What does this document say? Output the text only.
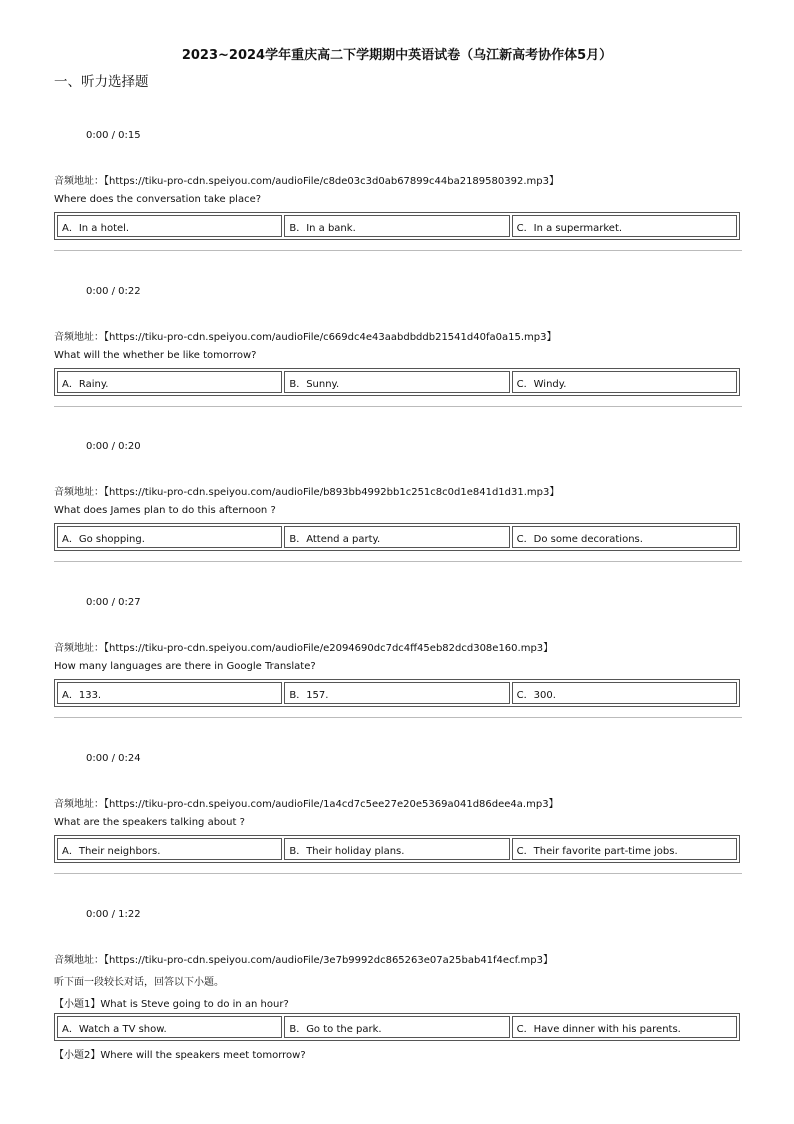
2023~2024学年重庆高二下学期期中英语试卷（乌江新高考协作体5月）
一、听力选择题
0:00 / 0:15
音频地址：【https://tiku-pro-cdn.speiyou.com/audioFile/c8de03c3d0ab67899c44ba2189580392.mp3】
Where does the conversation take place?
A．In a hotel.	B．In a bank.	C．In a supermarket.
0:00 / 0:22
音频地址：【https://tiku-pro-cdn.speiyou.com/audioFile/c669dc4e43aabdbddb21541d40fa0a15.mp3】
What will the whether be like tomorrow?
A．Rainy.	B．Sunny.	C．Windy.
0:00 / 0:20
音频地址：【https://tiku-pro-cdn.speiyou.com/audioFile/b893bb4992bb1c251c8c0d1e841d1d31.mp3】
What does James plan to do this afternoon ?
A．Go shopping.	B．Attend a party.	C．Do some decorations.
0:00 / 0:27
音频地址：【https://tiku-pro-cdn.speiyou.com/audioFile/e2094690dc7dc4ff45eb82dcd308e160.mp3】
How many languages are there in Google Translate?
A．133.	B．157.	C．300.
0:00 / 0:24
音频地址：【https://tiku-pro-cdn.speiyou.com/audioFile/1a4cd7c5ee27e20e5369a041d86dee4a.mp3】
What are the speakers talking about ?
A．Their neighbors.	B．Their holiday plans.	C．Their favorite part-time jobs.
0:00 / 1:22
音频地址：【https://tiku-pro-cdn.speiyou.com/audioFile/3e7b9992dc865263e07a25bab41f4ecf.mp3】
听下面一段较长对话，回答以下小题。
【小题1】What is Steve going to do in an hour?
A．Watch a TV show.	B．Go to the park.	C．Have dinner with his parents.
【小题2】Where will the speakers meet tomorrow?
